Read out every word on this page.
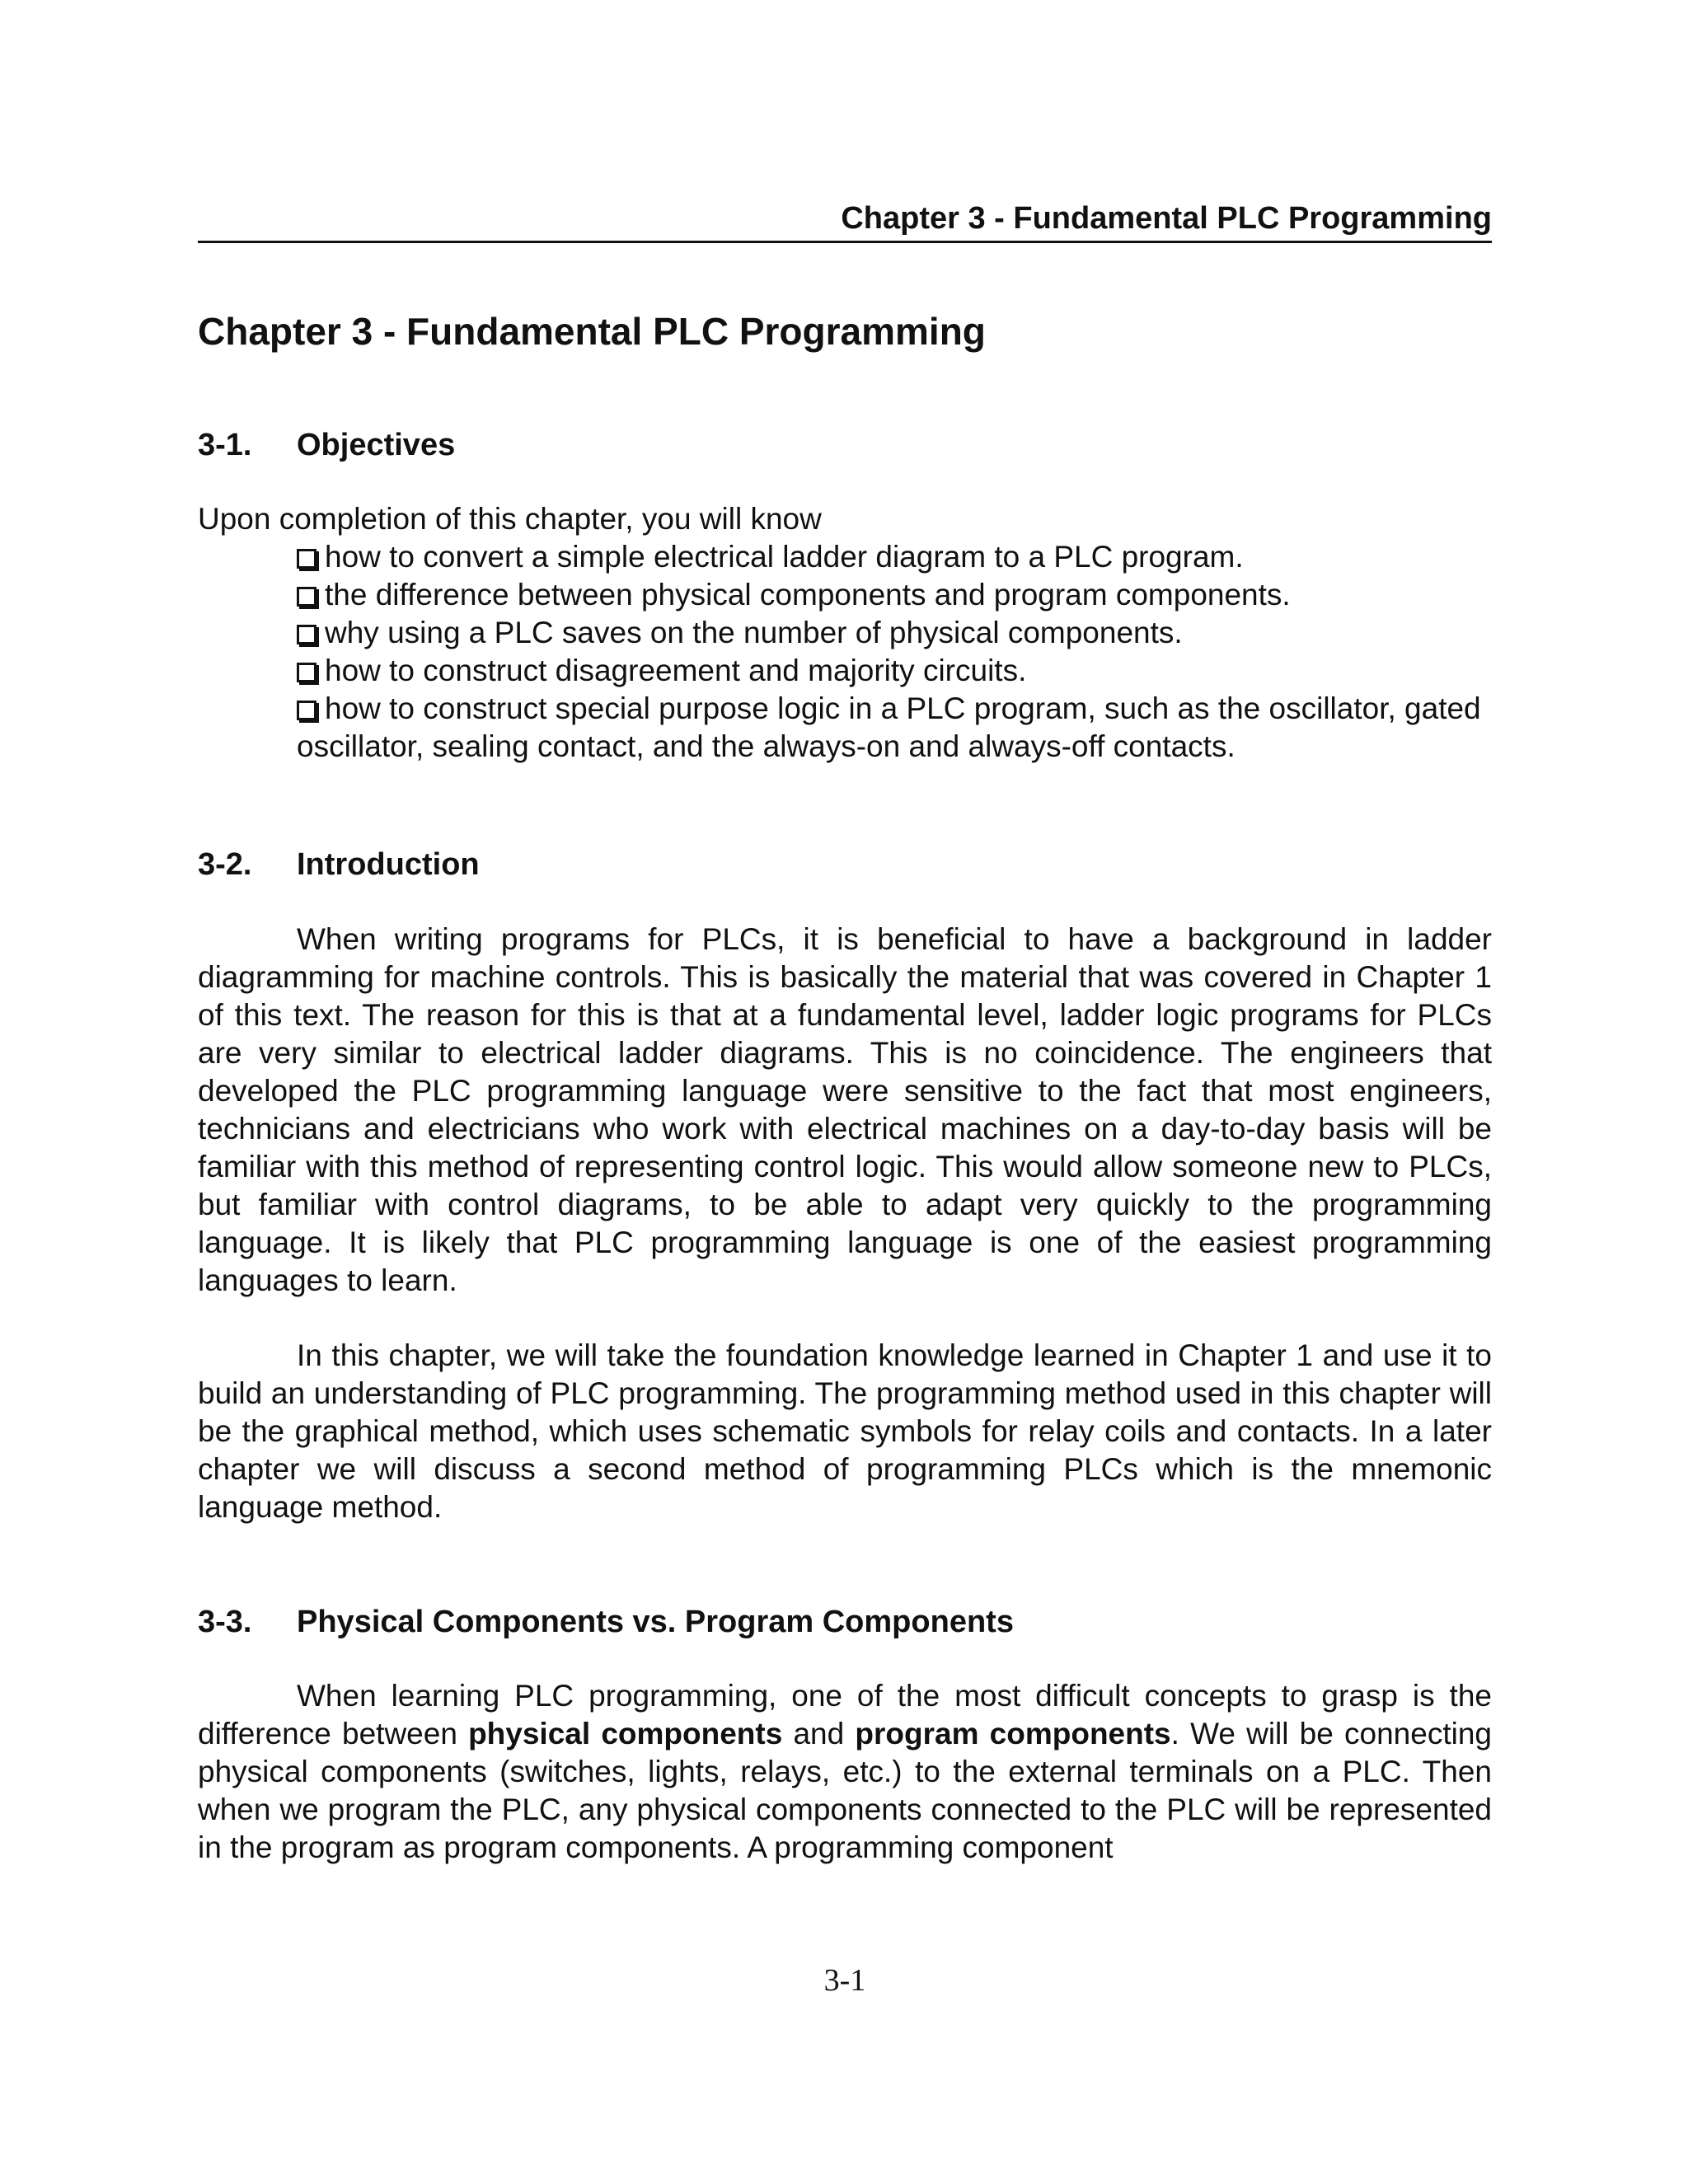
Chapter 3 - Fundamental PLC Programming
Chapter 3 - Fundamental PLC Programming
3-1. Objectives

Upon completion of this chapter, you will know

how to convert a simple electrical ladder diagram to a PLC program.
the difference between physical components and program components.
why using a PLC saves on the number of physical components.
how to construct disagreement and majority circuits.
how to construct special purpose logic in a PLC program, such as the oscillator, gated oscillator, sealing contact, and the always-on and always-off contacts.
3-2. Introduction

When writing programs for PLCs, it is beneficial to have a background in ladder diagramming for machine controls. This is basically the material that was covered in Chapter 1 of this text. The reason for this is that at a fundamental level, ladder logic programs for PLCs are very similar to electrical ladder diagrams. This is no coincidence. The engineers that developed the PLC programming language were sensitive to the fact that most engineers, technicians and electricians who work with electrical machines on a day-to-day basis will be familiar with this method of representing control logic. This would allow someone new to PLCs, but familiar with control diagrams, to be able to adapt very quickly to the programming language. It is likely that PLC programming language is one of the easiest programming languages to learn.

In this chapter, we will take the foundation knowledge learned in Chapter 1 and use it to build an understanding of PLC programming. The programming method used in this chapter will be the graphical method, which uses schematic symbols for relay coils and contacts. In a later chapter we will discuss a second method of programming PLCs which is the mnemonic language method.

3-3. Physical Components vs. Program Components

When learning PLC programming, one of the most difficult concepts to grasp is the difference between physical components and program components. We will be connecting physical components (switches, lights, relays, etc.) to the external terminals on a PLC. Then when we program the PLC, any physical components connected to the PLC will be represented in the program as program components. A programming component

3-1
